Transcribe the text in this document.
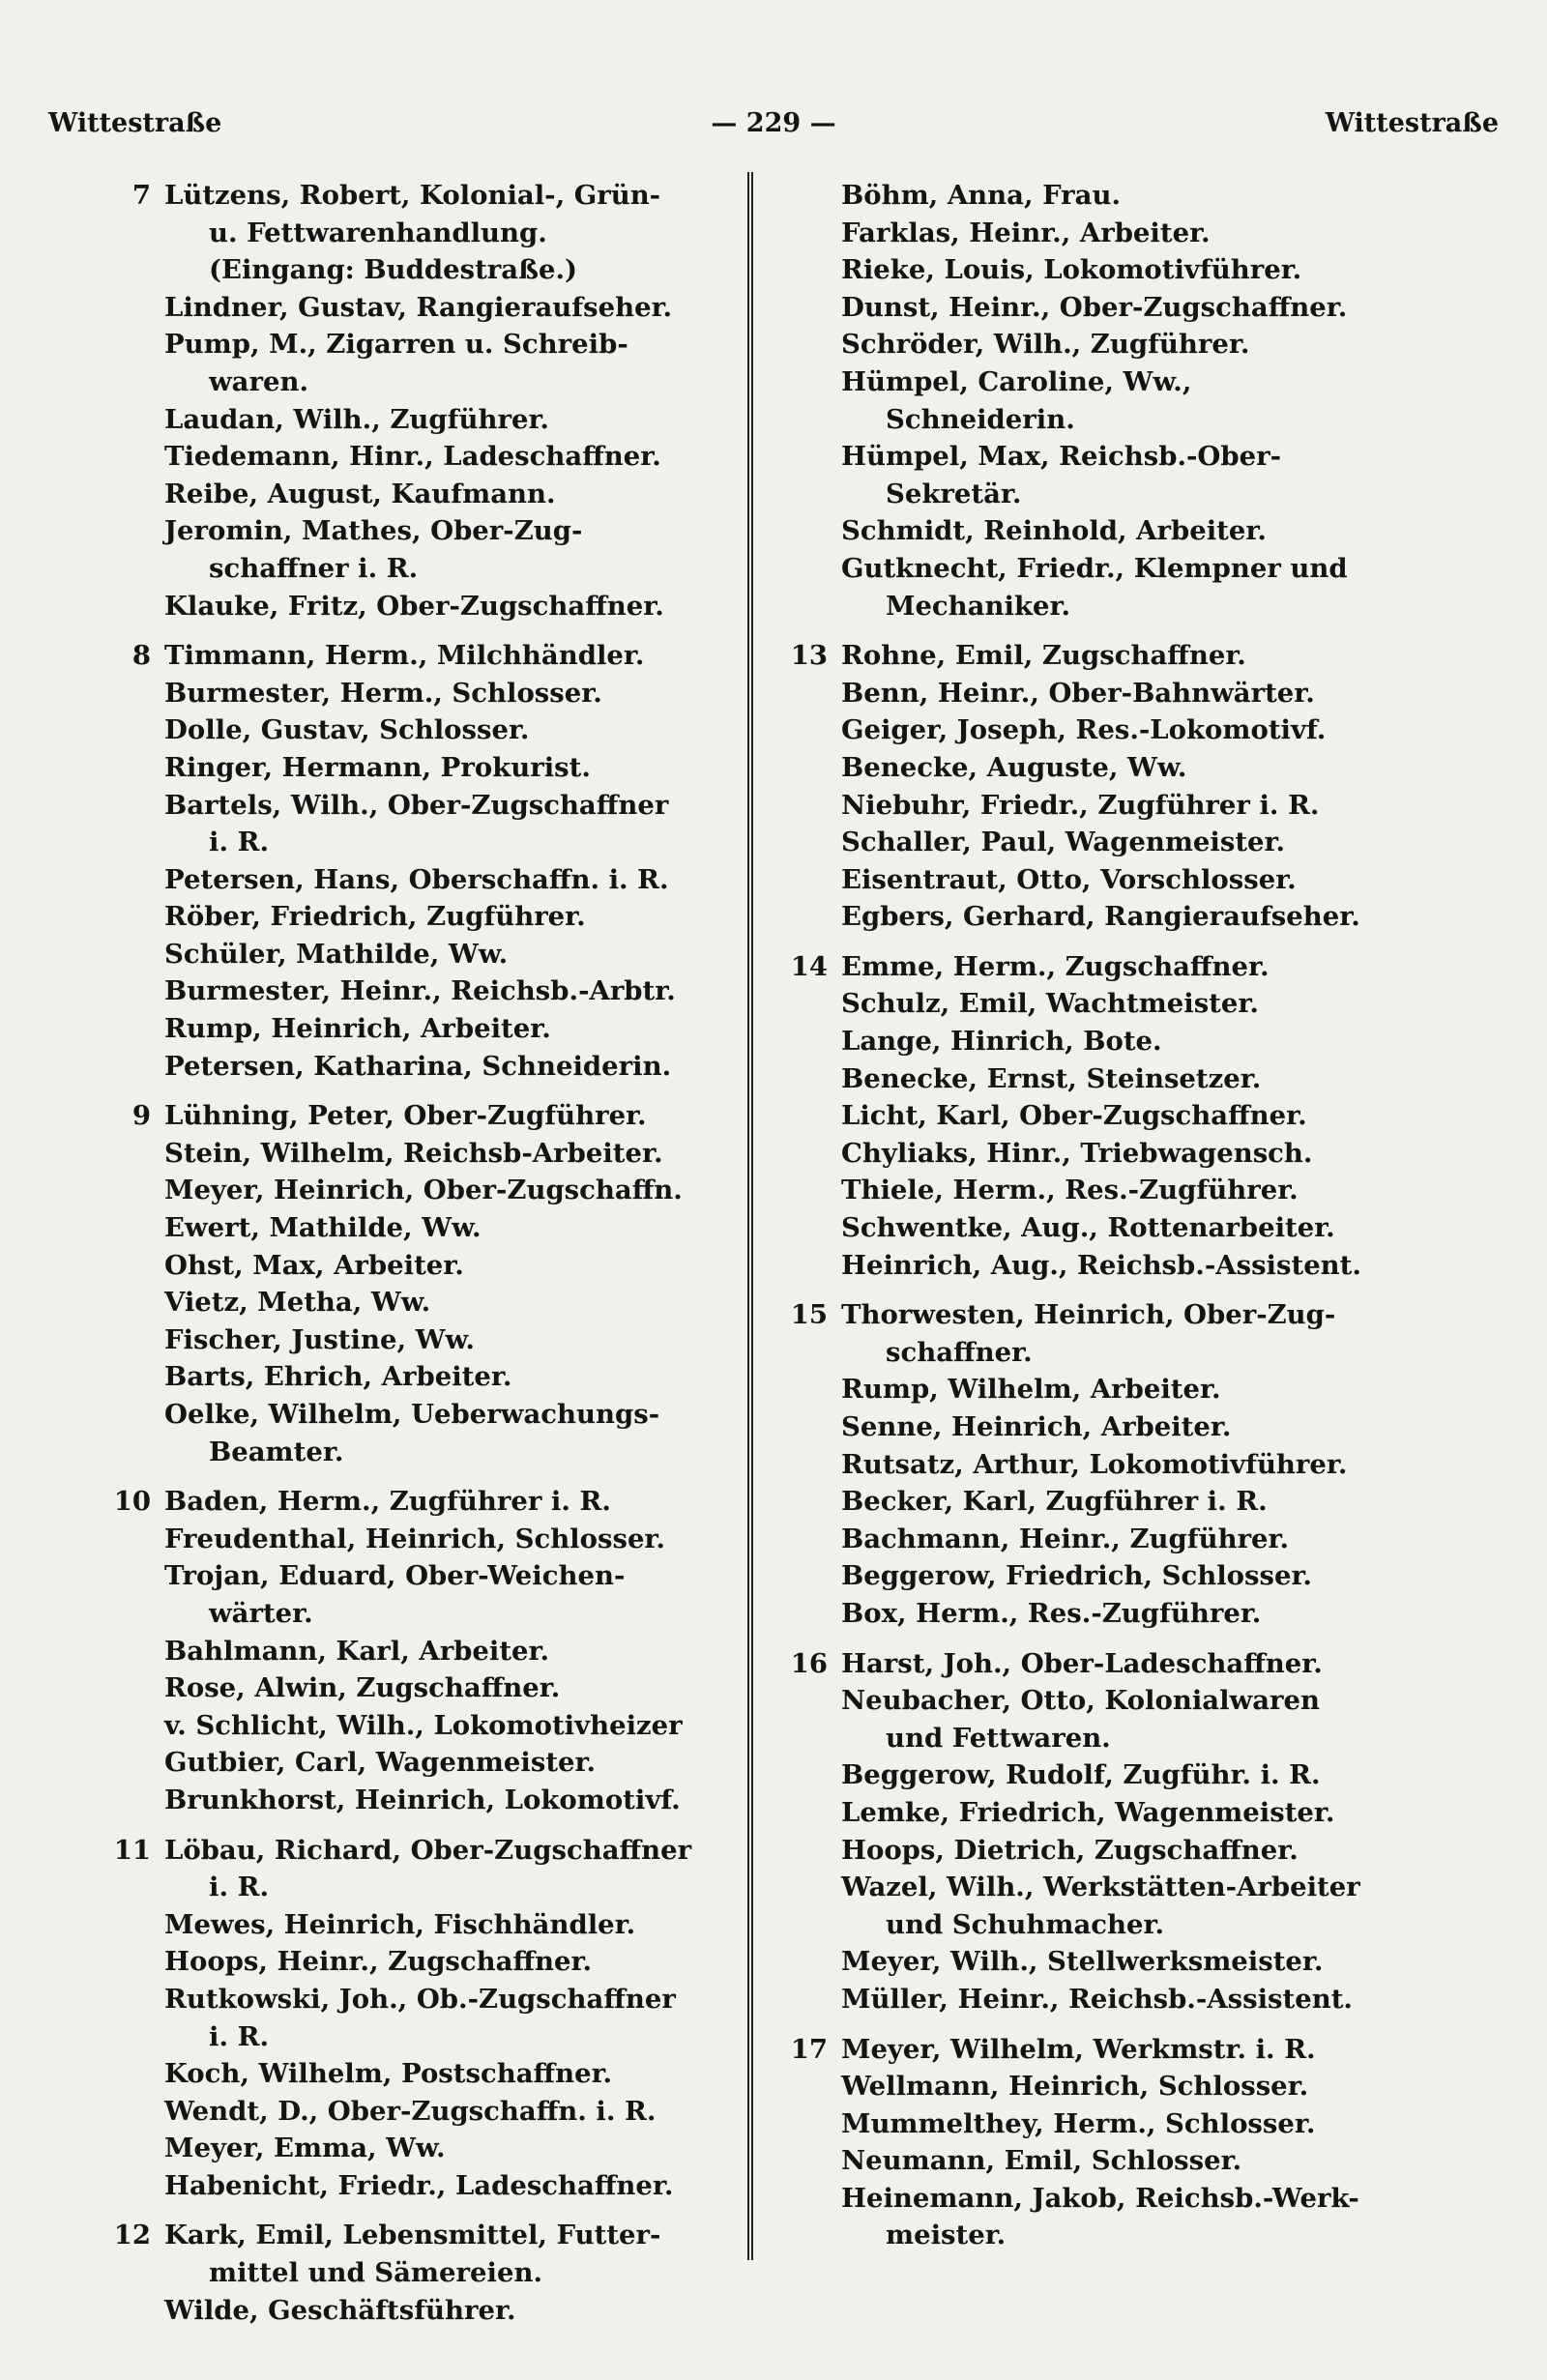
Wittestraße	— 229 —	Wittestraße
7 Lützens, Robert, Kolonial-, Grün-
u. Fettwarenhandlung.
(Eingang: Buddestraße.)
Lindner, Gustav, Rangieraufseher.
Pump, M., Zigarren u. Schreib-
waren.
Laudan, Wilh., Zugführer.
Tiedemann, Hinr., Ladeschaffner.
Reibe, August, Kaufmann.
Jeromin, Mathes, Ober-Zug-
schaffner i. R.
Klauke, Fritz, Ober-Zugschaffner.
8 Timmann, Herm., Milchhändler.
Burmester, Herm., Schlosser.
Dolle, Gustav, Schlosser.
Ringer, Hermann, Prokurist.
Bartels, Wilh., Ober-Zugschaffner
i. R.
Petersen, Hans, Oberschaffn. i. R.
Röber, Friedrich, Zugführer.
Schüler, Mathilde, Ww.
Burmester, Heinr., Reichsb.-Arbtr.
Rump, Heinrich, Arbeiter.
Petersen, Katharina, Schneiderin.
9 Lühning, Peter, Ober-Zugführer.
Stein, Wilhelm, Reichsb-Arbeiter.
Meyer, Heinrich, Ober-Zugschaffn.
Ewert, Mathilde, Ww.
Ohst, Max, Arbeiter.
Vietz, Metha, Ww.
Fischer, Justine, Ww.
Barts, Ehrich, Arbeiter.
Oelke, Wilhelm, Ueberwachungs-
Beamter.
10 Baden, Herm., Zugführer i. R.
Freudenthal, Heinrich, Schlosser.
Trojan, Eduard, Ober-Weichen-
wärter.
Bahlmann, Karl, Arbeiter.
Rose, Alwin, Zugschaffner.
v. Schlicht, Wilh., Lokomotivheizer
Gutbier, Carl, Wagenmeister.
Brunkhorst, Heinrich, Lokomotivf.
11 Löbau, Richard, Ober-Zugschaffner
i. R.
Mewes, Heinrich, Fischhändler.
Hoops, Heinr., Zugschaffner.
Rutkowski, Joh., Ob.-Zugschaffner
i. R.
Koch, Wilhelm, Postschaffner.
Wendt, D., Ober-Zugschaffn. i. R.
Meyer, Emma, Ww.
Habenicht, Friedr., Ladeschaffner.
12 Kark, Emil, Lebensmittel, Futter-
mittel und Sämereien.
Wilde, Geschäftsführer.
Böhm, Anna, Frau.
Farklas, Heinr., Arbeiter.
Rieke, Louis, Lokomotivführer.
Dunst, Heinr., Ober-Zugschaffner.
Schröder, Wilh., Zugführer.
Hümpel, Caroline, Ww.,
Schneiderin.
Hümpel, Max, Reichsb.-Ober-
Sekretär.
Schmidt, Reinhold, Arbeiter.
Gutknecht, Friedr., Klempner und
Mechaniker.
13 Rohne, Emil, Zugschaffner.
Benn, Heinr., Ober-Bahnwärter.
Geiger, Joseph, Res.-Lokomotivf.
Benecke, Auguste, Ww.
Niebuhr, Friedr., Zugführer i. R.
Schaller, Paul, Wagenmeister.
Eisentraut, Otto, Vorschlosser.
Egbers, Gerhard, Rangieraufseher.
14 Emme, Herm., Zugschaffner.
Schulz, Emil, Wachtmeister.
Lange, Hinrich, Bote.
Benecke, Ernst, Steinsetzer.
Licht, Karl, Ober-Zugschaffner.
Chyliaks, Hinr., Triebwagensch.
Thiele, Herm., Res.-Zugführer.
Schwentke, Aug., Rottenarbeiter.
Heinrich, Aug., Reichsb.-Assistent.
15 Thorwesten, Heinrich, Ober-Zug-
schaffner.
Rump, Wilhelm, Arbeiter.
Senne, Heinrich, Arbeiter.
Rutsatz, Arthur, Lokomotivführer.
Becker, Karl, Zugführer i. R.
Bachmann, Heinr., Zugführer.
Beggerow, Friedrich, Schlosser.
Box, Herm., Res.-Zugführer.
16 Harst, Joh., Ober-Ladeschaffner.
Neubacher, Otto, Kolonialwaren
und Fettwaren.
Beggerow, Rudolf, Zugführ. i. R.
Lemke, Friedrich, Wagenmeister.
Hoops, Dietrich, Zugschaffner.
Wazel, Wilh., Werkstätten-Arbeiter
und Schuhmacher.
Meyer, Wilh., Stellwerksmeister.
Müller, Heinr., Reichsb.-Assistent.
17 Meyer, Wilhelm, Werkmstr. i. R.
Wellmann, Heinrich, Schlosser.
Mummelthey, Herm., Schlosser.
Neumann, Emil, Schlosser.
Heinemann, Jakob, Reichsb.-Werk-
meister.
